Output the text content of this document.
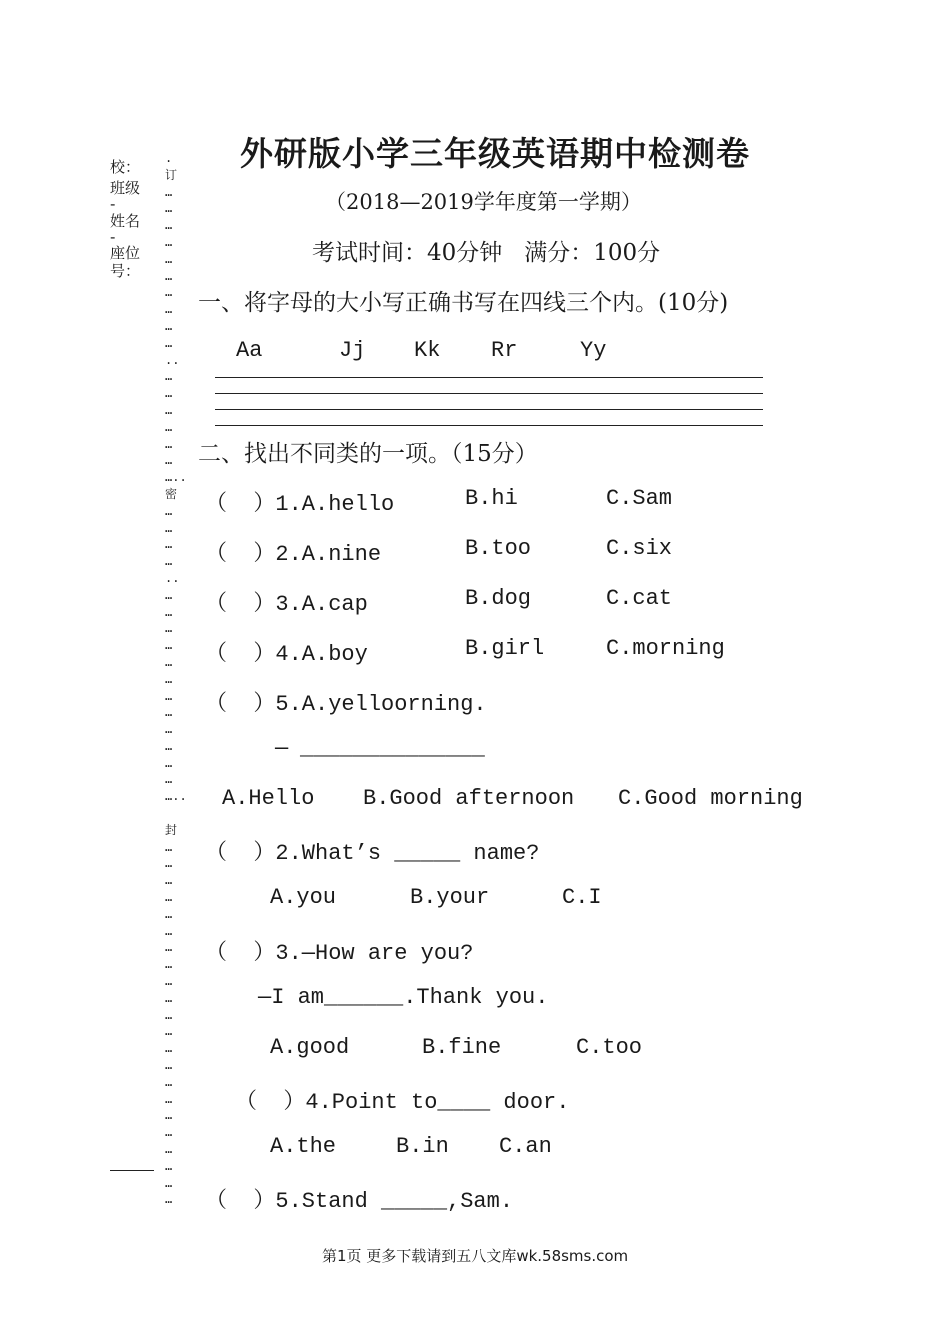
校：
班级
-
姓名
-
座位号：
.
订
…
…
…
…
…
…
…
…
…
…
..
…
…
…
…
…
…
…..
密
…
…
…
…
..
…
…
…
…
…
…
…
…
…
…
…
…
…..

封
…
…
…
…
…
…
…
…
…
…
…
…
…
…
…
…
…
…
…
…
…
…
外研版小学三年级英语期中检测卷
（2018—2019学年度第一学期）
考试时间：40分钟   满分：100分
一、将字母的大小写正确书写在四线三个内。(10分)
Aa	Jj Kk Rr	Yy
二、找出不同类的一项。（15分）
（  ）1.A.hello	B.hi	C.Sam
（  ）2.A.nine	B.too	C.six
（  ）3.A.cap	B.dog	C.cat
（  ）4.A.boy	B.girl	C.morning
（  ）5.A.yelloorning.
— ______________
A.Hello B.Good afternoon C.Good morning
（  ）2.What’s _____ name?
A.you	B.your	C.I
（  ）3.—How are you?
—I am______.Thank you.
A.good	B.fine	C.too
（  ）4.Point to____ door.
A.the	B.in C.an
（  ）5.Stand _____,Sam.
第1页 更多下载请到五八文库wk.58sms.com
